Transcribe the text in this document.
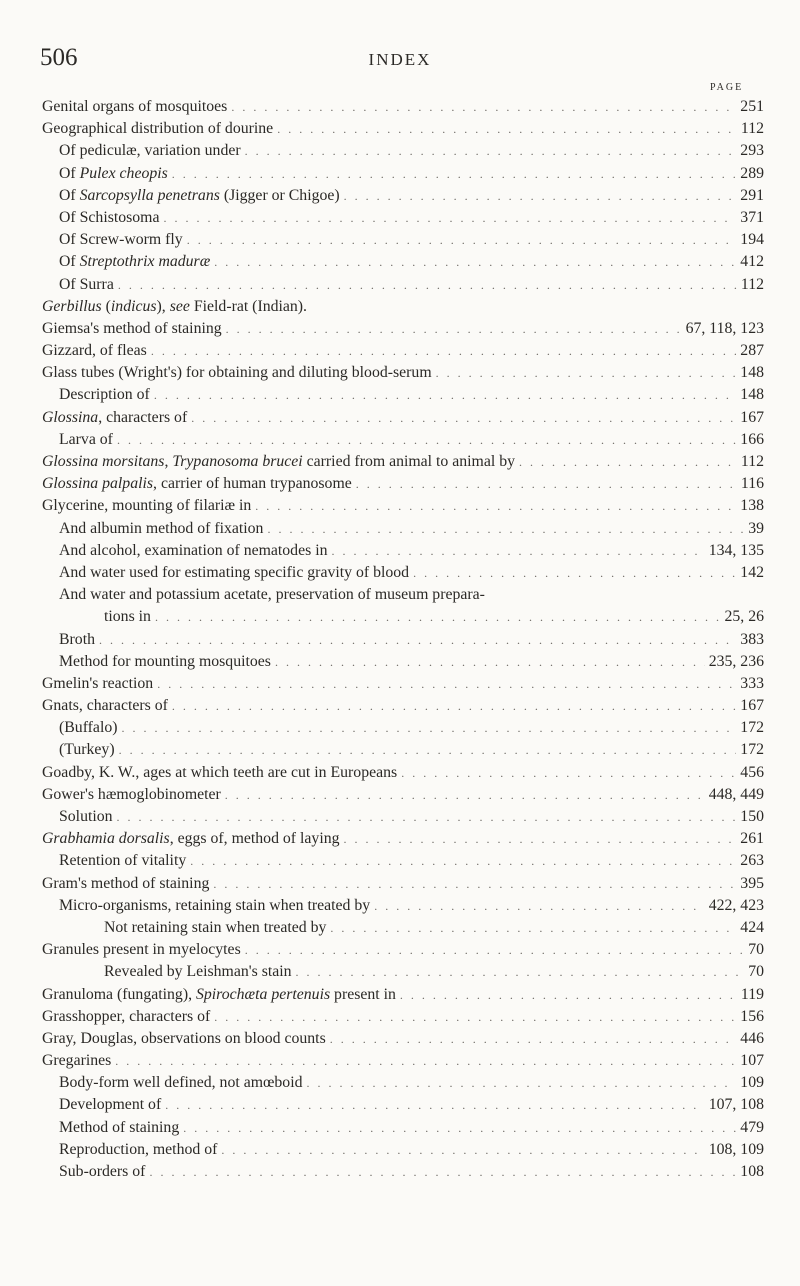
506	INDEX
PAGE
Genital organs of mosquitoes . . .	251
Geographical distribution of dourine . . .	112
Of pediculæ, variation under . . .	293
Of Pulex cheopis . . .	289
Of Sarcopsylla penetrans (Jigger or Chigoe) . . .	291
Of Schistosoma . . .	371
Of Screw-worm fly . . .	194
Of Streptothrix maduræ . . .	412
Of Surra . . .	112
Gerbillus (indicus), see Field-rat (Indian).
Giemsa's method of staining . . .	67, 118, 123
Gizzard, of fleas . . .	287
Glass tubes (Wright's) for obtaining and diluting blood-serum . . .	148
Description of . . .	148
Glossina, characters of . . .	167
Larva of . . .	166
Glossina morsitans, Trypanosoma brucei carried from animal to animal by . . .	112
Glossina palpalis, carrier of human trypanosome . . .	116
Glycerine, mounting of filariæ in . . .	138
And albumin method of fixation . . .	39
And alcohol, examination of nematodes in . . .	134, 135
And water used for estimating specific gravity of blood . . .	142
And water and potassium acetate, preservation of museum prepara-
tions in . . .	25, 26
Broth . . .	383
Method for mounting mosquitoes . . .	235, 236
Gmelin's reaction . . .	333
Gnats, characters of . . .	167
(Buffalo) . . .	172
(Turkey) . . .	172
Goadby, K. W., ages at which teeth are cut in Europeans . . .	456
Gower's hæmoglobinometer . . .	448, 449
Solution . . .	150
Grabhamia dorsalis, eggs of, method of laying . . .	261
Retention of vitality . . .	263
Gram's method of staining . . .	395
Micro-organisms, retaining stain when treated by . . .	422, 423
Not retaining stain when treated by . . .	424
Granules present in myelocytes . . .	70
Revealed by Leishman's stain . . .	70
Granuloma (fungating), Spirochæta pertenuis present in . . .	119
Grasshopper, characters of . . .	156
Gray, Douglas, observations on blood counts . . .	446
Gregarines . . .	107
Body-form well defined, not amœboid . . .	109
Development of . . .	107, 108
Method of staining . . .	479
Reproduction, method of . . .	108, 109
Sub-orders of . . .	108
